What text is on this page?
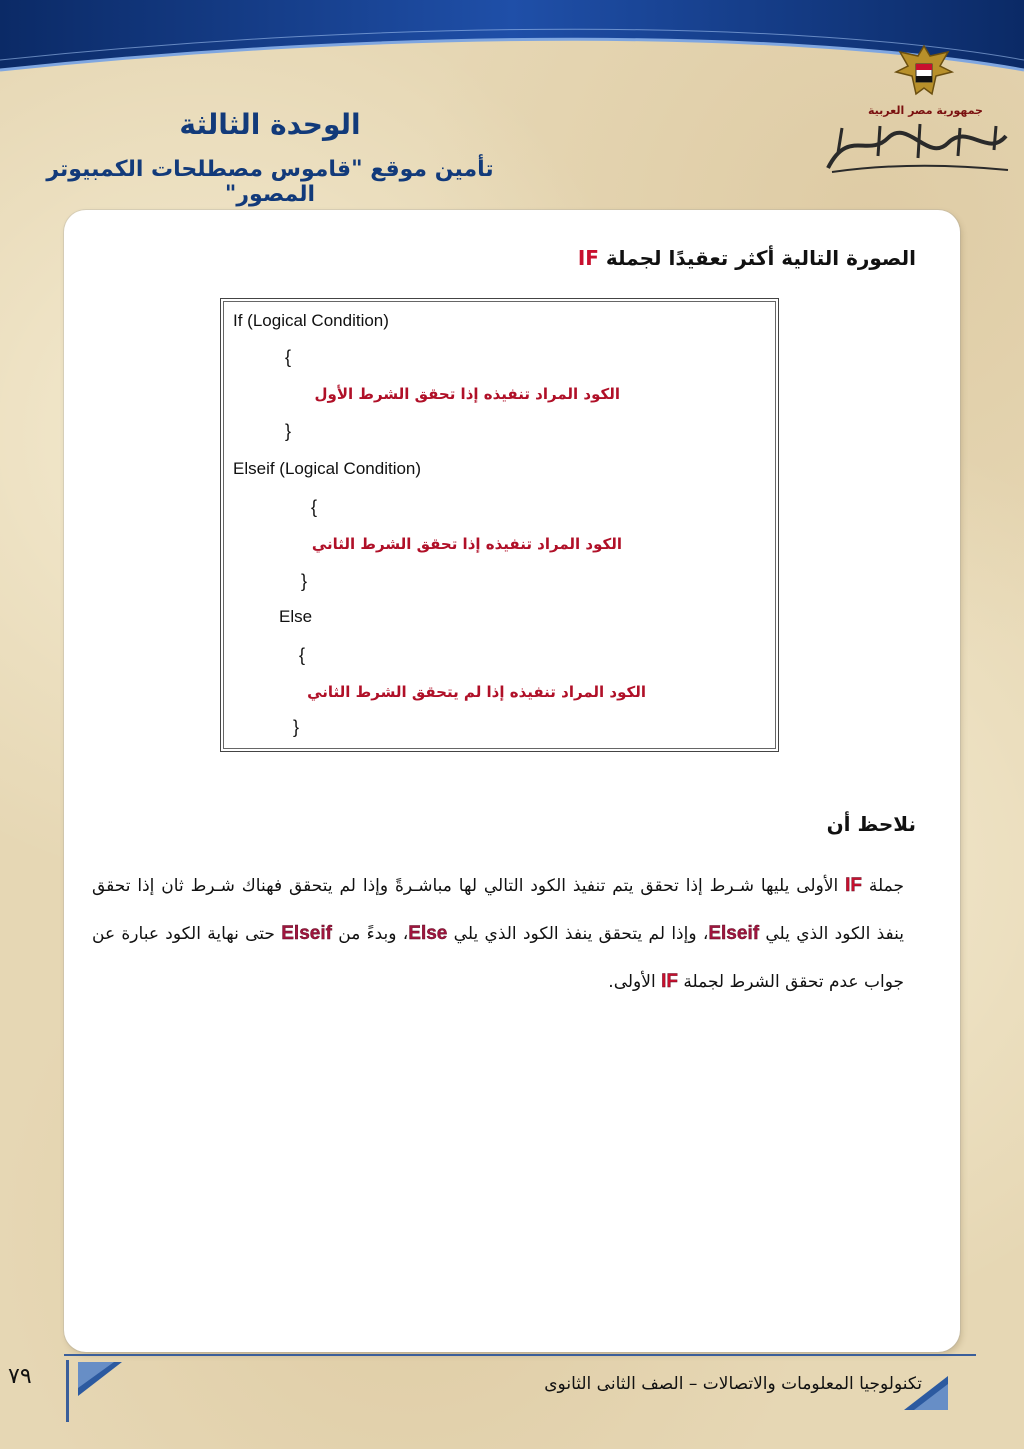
جمهورية مصر العربية
الوحدة الثالثة
تأمين موقع "قاموس مصطلحات الكمبيوتر المصور"
الصورة التالية أكثر تعقيدًا لجملة IF
If (Logical Condition)
{
الكود المراد تنفيذه إذا تحقق الشرط الأول
}
Elseif (Logical Condition)
{
الكود المراد تنفيذه إذا تحقق الشرط الثاني
}
Else
{
الكود المراد تنفيذه إذا لم يتحقق الشرط الثاني
}
نلاحظ أن
جملة IF الأولى يليها شـرط إذا تحقق يتم تنفيذ الكود التالي لها مباشـرةً وإذا لم يتحقق فهناك شـرط ثان إذا تحقق ينفذ الكود الذي يلي Elseif، وإذا لم يتحقق ينفذ الكود الذي يلي Else، وبدءً من Elseif حتى نهاية الكود عبارة عن جواب عدم تحقق الشرط لجملة IF الأولى.
تكنولوجيا المعلومات والاتصالات – الصف الثانى الثانوى
٧٩
